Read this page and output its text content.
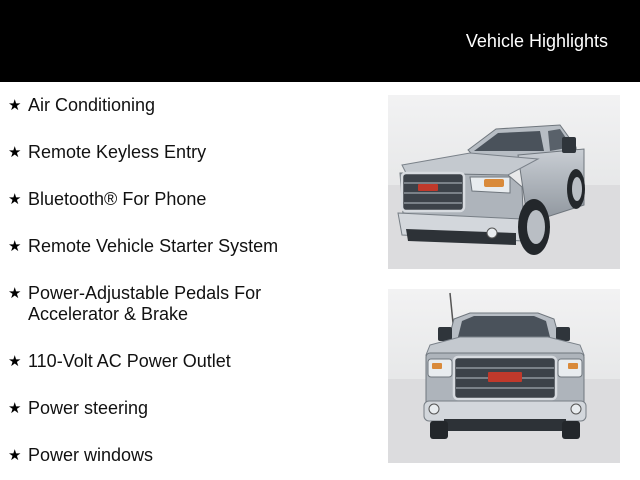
Vehicle Highlights
★ Air Conditioning
★ Remote Keyless Entry
★ Bluetooth® For Phone
★ Remote Vehicle Starter System
★ Power-Adjustable Pedals For
Accelerator & Brake
★ 110-Volt AC Power Outlet
★ Power steering
★ Power windows
